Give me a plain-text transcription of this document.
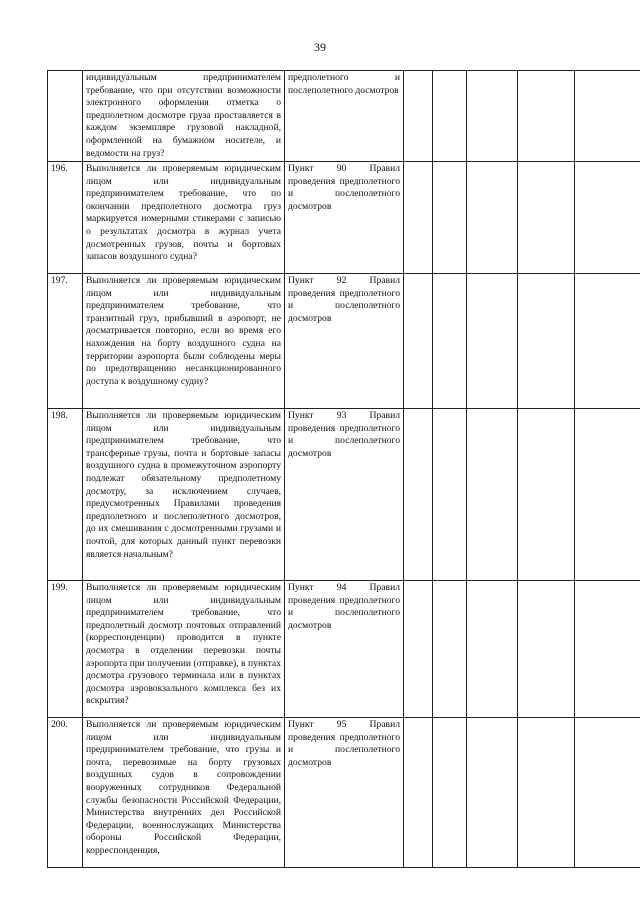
39
	индивидуальным предпринимателем требование, что при отсутствии возможности электронного оформления отметка о предполетном досмотре груза проставляется в каждом экземпляре грузовой накладной, оформленной на бумажном носителе, и ведомости на груз?	предполетного и послеполетного досмотров					
196.	Выполняется ли проверяемым юридическим лицом или индивидуальным предпринимателем требование, что по окончании предполетного досмотра груз маркируется номерными стикерами с записью о результатах досмотра в журнал учета досмотренных грузов, почты и бортовых запасов воздушного судна?	Пункт 90 Правил проведения предполетного и послеполетного досмотров					
197.	Выполняется ли проверяемым юридическим лицом или индивидуальным предпринимателем требование, что транзитный груз, прибывший в аэропорт, не досматривается повторно, если во время его нахождения на борту воздушного судна на территории аэропорта были соблюдены меры по предотвращению несанкционированного доступа к воздушному судну?	Пункт 92 Правил проведения предполетного и послеполетного досмотров					
198.	Выполняется ли проверяемым юридическим лицом или индивидуальным предпринимателем требование, что трансферные грузы, почта и бортовые запасы воздушного судна в промежуточном аэропорту подлежат обязательному предполетному досмотру, за исключением случаев, предусмотренных Правилами проведения предполетного и послеполетного досмотров, до их смешивания с досмотренными грузами и почтой, для которых данный пункт перевозки является начальным?	Пункт 93 Правил проведения предполетного и послеполетного досмотров					
199.	Выполняется ли проверяемым юридическим лицом или индивидуальным предпринимателем требование, что предполетный досмотр почтовых отправлений (корреспонденции) проводится в пункте досмотра в отделении перевозки почты аэропорта при получении (отправке), в пунктах досмотра грузового терминала или в пунктах досмотра аэровокзального комплекса без их вскрытия?	Пункт 94 Правил проведения предполетного и послеполетного досмотров					
200.	Выполняется ли проверяемым юридическим лицом или индивидуальным предпринимателем требование, что грузы и почта, перевозимые на борту грузовых воздушных судов в сопровождении вооруженных сотрудников Федеральной службы безопасности Российской Федерации, Министерства внутренних дел Российской Федерации, военнослужащих Министерства обороны Российской Федерации, корреспонденция,	Пункт 95 Правил проведения предполетного и послеполетного досмотров					
